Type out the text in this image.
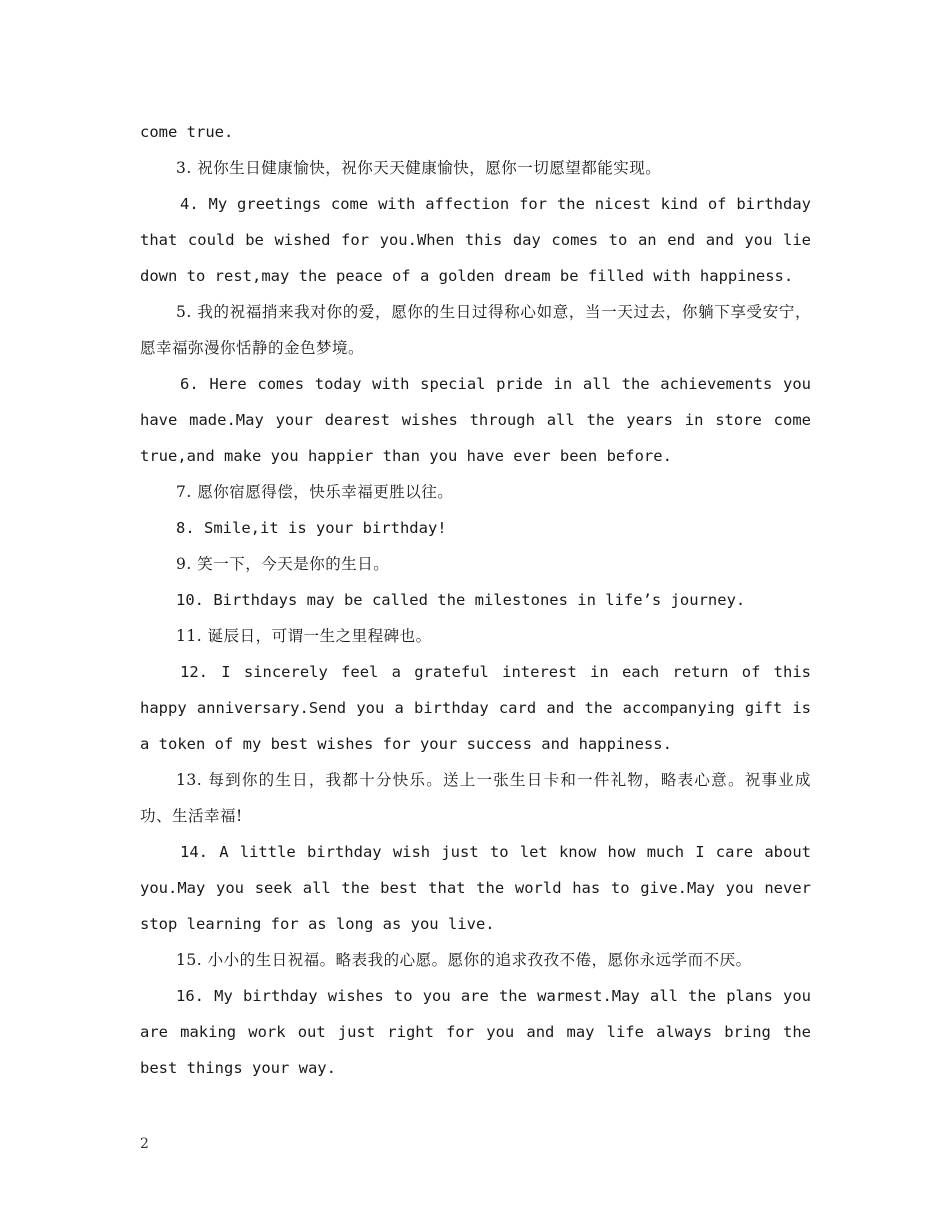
come true.

3. 祝你生日健康愉快，祝你天天健康愉快，愿你一切愿望都能实现。

4. My greetings come with affection for the nicest kind of birthday that could be wished for you.When this day comes to an end and you lie down to rest,may the peace of a golden dream be filled with happiness.

5. 我的祝福捎来我对你的爱，愿你的生日过得称心如意，当一天过去，你躺下享受安宁，愿幸福弥漫你恬静的金色梦境。

6. Here comes today with special pride in all the achievements you have made.May your dearest wishes through all the years in store come true,and make you happier than you have ever been before.

7. 愿你宿愿得偿，快乐幸福更胜以往。

8. Smile,it is your birthday!

9. 笑一下，今天是你的生日。

10. Birthdays may be called the milestones in life’s journey.

11. 诞辰日，可谓一生之里程碑也。

12. I sincerely feel a grateful interest in each return of this happy anniversary.Send you a birthday card and the accompanying gift is a token of my best wishes for your success and happiness.

13. 每到你的生日，我都十分快乐。送上一张生日卡和一件礼物，略表心意。祝事业成功、生活幸福!

14. A little birthday wish just to let know how much I care about you.May you seek all the best that the world has to give.May you never stop learning for as long as you live.

15. 小小的生日祝福。略表我的心愿。愿你的追求孜孜不倦，愿你永远学而不厌。

16. My birthday wishes to you are the warmest.May all the plans you are making work out just right for you and may life always bring the best things your way.

2
